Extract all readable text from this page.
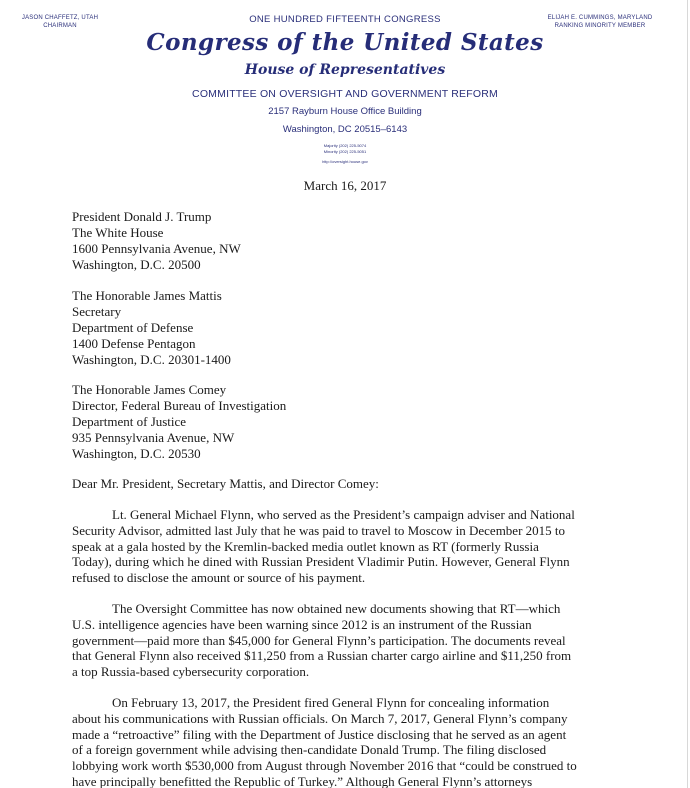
JASON CHAFFETZ, UTAH
CHAIRMAN
ELIJAH E. CUMMINGS, MARYLAND
RANKING MINORITY MEMBER
ONE HUNDRED FIFTEENTH CONGRESS
Congress of the United States
House of Representatives
COMMITTEE ON OVERSIGHT AND GOVERNMENT REFORM
2157 Rayburn House Office Building
Washington, DC 20515–6143
Majority (202) 225-5074
Minority (202) 225-5051
http://oversight.house.gov
March 16, 2017
President Donald J. Trump
The White House
1600 Pennsylvania Avenue, NW
Washington, D.C. 20500
The Honorable James Mattis
Secretary
Department of Defense
1400 Defense Pentagon
Washington, D.C. 20301-1400
The Honorable James Comey
Director, Federal Bureau of Investigation
Department of Justice
935 Pennsylvania Avenue, NW
Washington, D.C. 20530
Dear Mr. President, Secretary Mattis, and Director Comey:
Lt. General Michael Flynn, who served as the President’s campaign adviser and National
Security Advisor, admitted last July that he was paid to travel to Moscow in December 2015 to
speak at a gala hosted by the Kremlin-backed media outlet known as RT (formerly Russia
Today), during which he dined with Russian President Vladimir Putin. However, General Flynn
refused to disclose the amount or source of his payment.
The Oversight Committee has now obtained new documents showing that RT—which
U.S. intelligence agencies have been warning since 2012 is an instrument of the Russian
government—paid more than $45,000 for General Flynn’s participation. The documents reveal
that General Flynn also received $11,250 from a Russian charter cargo airline and $11,250 from
a top Russia-based cybersecurity corporation.
On February 13, 2017, the President fired General Flynn for concealing information
about his communications with Russian officials. On March 7, 2017, General Flynn’s company
made a “retroactive” filing with the Department of Justice disclosing that he served as an agent
of a foreign government while advising then-candidate Donald Trump. The filing disclosed
lobbying work worth $530,000 from August through November 2016 that “could be construed to
have principally benefitted the Republic of Turkey.” Although General Flynn’s attorneys
